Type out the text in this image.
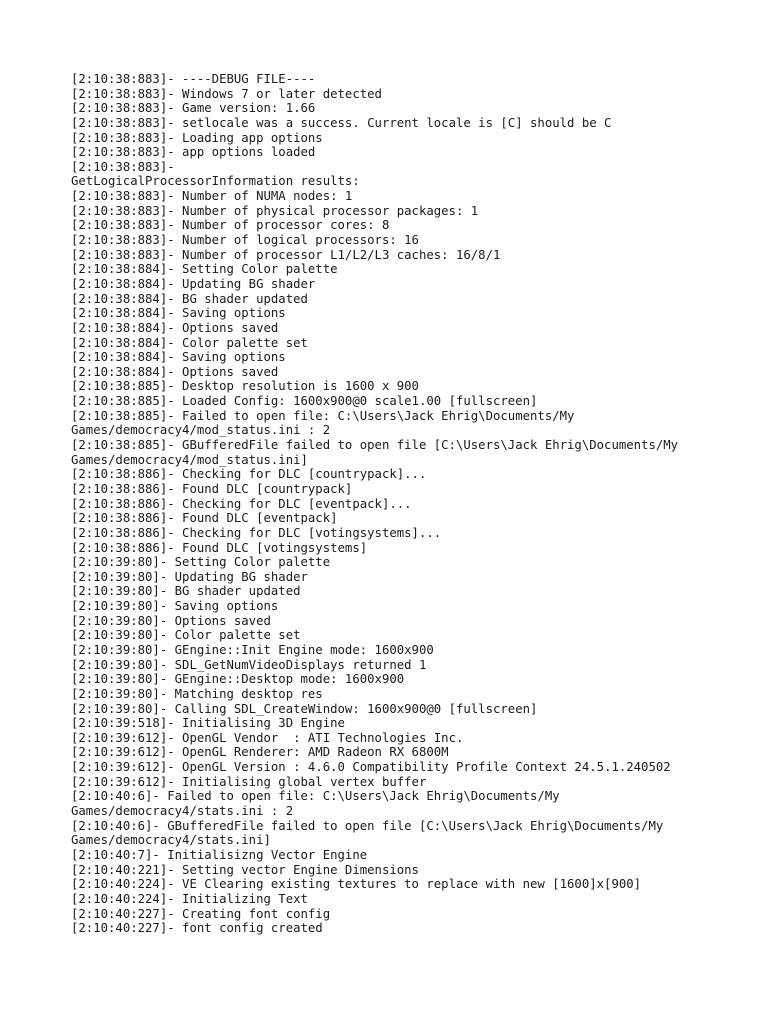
[2:10:38:883]- ----DEBUG FILE----
[2:10:38:883]- Windows 7 or later detected
[2:10:38:883]- Game version: 1.66
[2:10:38:883]- setlocale was a success. Current locale is [C] should be C
[2:10:38:883]- Loading app options
[2:10:38:883]- app options loaded
[2:10:38:883]-
GetLogicalProcessorInformation results:
[2:10:38:883]- Number of NUMA nodes: 1
[2:10:38:883]- Number of physical processor packages: 1
[2:10:38:883]- Number of processor cores: 8
[2:10:38:883]- Number of logical processors: 16
[2:10:38:883]- Number of processor L1/L2/L3 caches: 16/8/1
[2:10:38:884]- Setting Color palette
[2:10:38:884]- Updating BG shader
[2:10:38:884]- BG shader updated
[2:10:38:884]- Saving options
[2:10:38:884]- Options saved
[2:10:38:884]- Color palette set
[2:10:38:884]- Saving options
[2:10:38:884]- Options saved
[2:10:38:885]- Desktop resolution is 1600 x 900
[2:10:38:885]- Loaded Config: 1600x900@0 scale1.00 [fullscreen]
[2:10:38:885]- Failed to open file: C:\Users\Jack Ehrig\Documents/My
Games/democracy4/mod_status.ini : 2
[2:10:38:885]- GBufferedFile failed to open file [C:\Users\Jack Ehrig\Documents/My
Games/democracy4/mod_status.ini]
[2:10:38:886]- Checking for DLC [countrypack]...
[2:10:38:886]- Found DLC [countrypack]
[2:10:38:886]- Checking for DLC [eventpack]...
[2:10:38:886]- Found DLC [eventpack]
[2:10:38:886]- Checking for DLC [votingsystems]...
[2:10:38:886]- Found DLC [votingsystems]
[2:10:39:80]- Setting Color palette
[2:10:39:80]- Updating BG shader
[2:10:39:80]- BG shader updated
[2:10:39:80]- Saving options
[2:10:39:80]- Options saved
[2:10:39:80]- Color palette set
[2:10:39:80]- GEngine::Init Engine mode: 1600x900
[2:10:39:80]- SDL_GetNumVideoDisplays returned 1
[2:10:39:80]- GEngine::Desktop mode: 1600x900
[2:10:39:80]- Matching desktop res
[2:10:39:80]- Calling SDL_CreateWindow: 1600x900@0 [fullscreen]
[2:10:39:518]- Initialising 3D Engine
[2:10:39:612]- OpenGL Vendor  : ATI Technologies Inc.
[2:10:39:612]- OpenGL Renderer: AMD Radeon RX 6800M
[2:10:39:612]- OpenGL Version : 4.6.0 Compatibility Profile Context 24.5.1.240502
[2:10:39:612]- Initialising global vertex buffer
[2:10:40:6]- Failed to open file: C:\Users\Jack Ehrig\Documents/My
Games/democracy4/stats.ini : 2
[2:10:40:6]- GBufferedFile failed to open file [C:\Users\Jack Ehrig\Documents/My
Games/democracy4/stats.ini]
[2:10:40:7]- Initialisizng Vector Engine
[2:10:40:221]- Setting vector Engine Dimensions
[2:10:40:224]- VE Clearing existing textures to replace with new [1600]x[900]
[2:10:40:224]- Initializing Text
[2:10:40:227]- Creating font config
[2:10:40:227]- font config created
